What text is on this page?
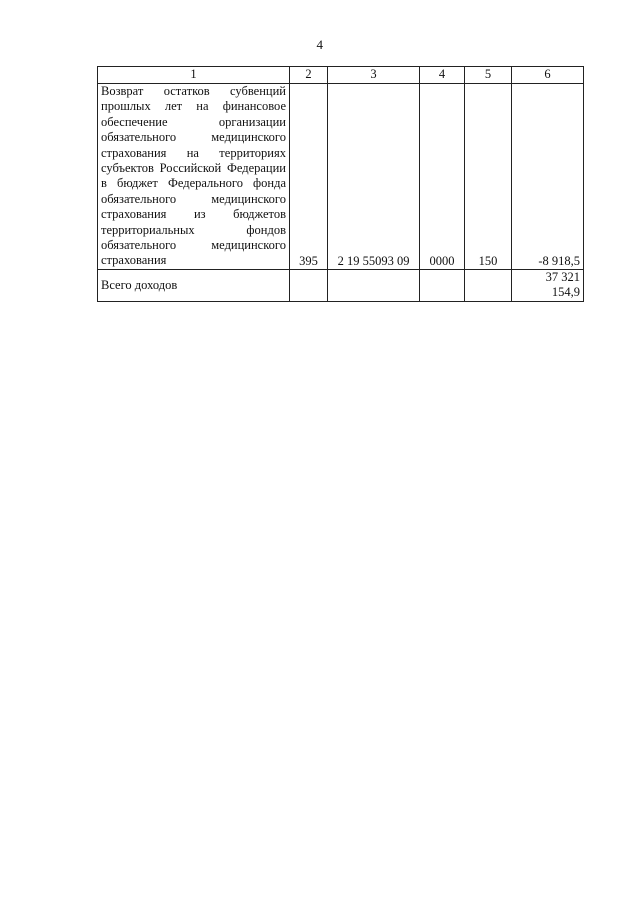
4
1	2	3	4	5	6
Возврат остатков субвенций прошлых лет на финансовое обеспечение организации обязательного медицинского страхования на территориях субъектов Российской Федерации в бюджет Федерального фонда обязательного медицинского страхования из бюджетов территориальных фондов обязательного медицинского страхования	395	2 19 55093 09	0000	150	-8 918,5
Всего доходов					37 321 154,9
